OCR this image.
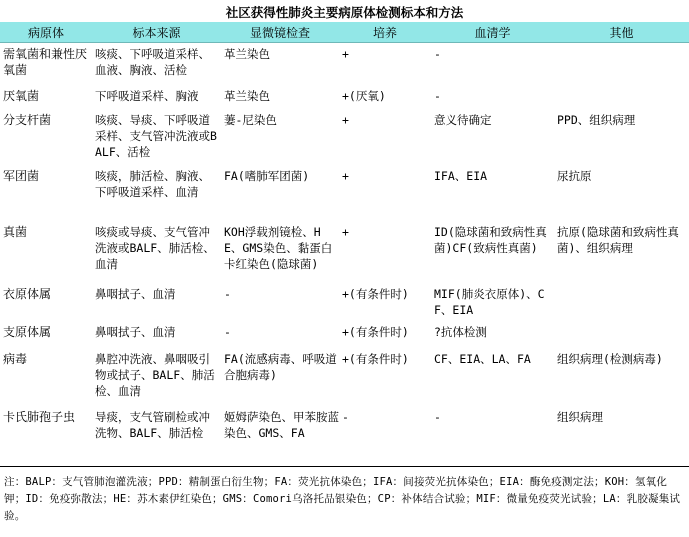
社区获得性肺炎主要病原体检测标本和方法
病原体	标本来源	显微镜检查	培养	血清学	其他
需氧菌和兼性厌氧菌	咳痰、下呼吸道采样、血液、胸液、活检	革兰染色	+	-	
厌氧菌	下呼吸道采样、胸液	革兰染色	+(厌氧)	-	
分支杆菌	咳痰、导痰、下呼吸道采样、支气管冲洗液或BALF、活检	萋-尼染色	+	意义待确定	PPD、组织病理
军团菌	咳痰，肺活检、胸液、下呼吸道采样、血清	FA(嗜肺军团菌)	+	IFA、EIA	尿抗原
真菌	咳痰或导痰、支气管冲洗液或BALF、肺活检、血清	KOH浮载剂镜检、HE、GMS染色、黏蛋白卡红染色(隐球菌)	+	ID(隐球菌和致病性真菌)CF(致病性真菌)	抗原(隐球菌和致病性真菌)、组织病理
衣原体属	鼻咽拭子、血清	-	+(有条件时)	MIF(肺炎衣原体)、CF、EIA	
支原体属	鼻咽拭子、血清	-	+(有条件时)	?抗体检测	
病毒	鼻腔冲洗液、鼻咽吸引物或拭子、BALF、肺活检、血清	FA(流感病毒、呼吸道合胞病毒)	+(有条件时)	CF、EIA、LA、FA	组织病理(检测病毒)
卡氏肺孢子虫	导痰，支气管刷检或冲洗物、BALF、肺活检	姬姆萨染色、甲苯胺蓝染色、GMS、FA	-	-	组织病理
注：BALP：支气管肺泡灌洗液；PPD：精制蛋白衍生物；FA：荧光抗体染色；IFA：间接荧光抗体染色；EIA：酶免疫测定法；KOH：氢氧化钾；ID：免疫弥散法；HE：苏木素伊红染色；GMS：Comori乌洛托品银染色；CP：补体结合试验；MIF：微量免疫荧光试验；LA：乳胶凝集试验。
